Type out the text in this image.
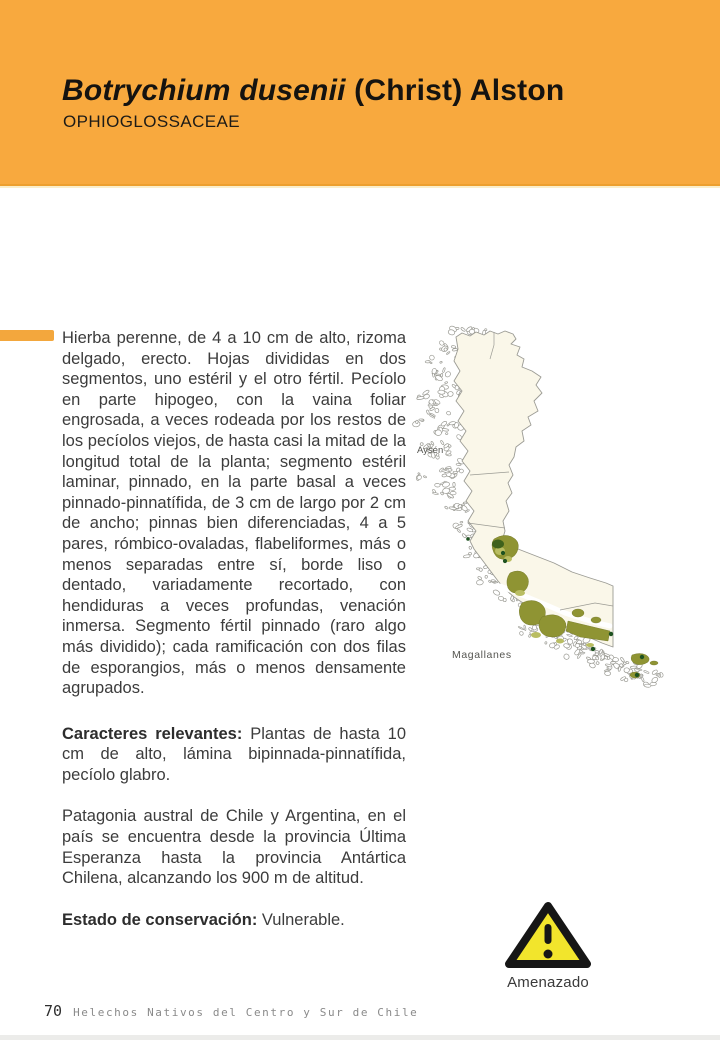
Botrychium dusenii (Christ) Alston
OPHIOGLOSSACEAE

Hierba perenne, de 4 a 10 cm de alto, rizoma delgado, erecto. Hojas divididas en dos segmentos, uno estéril y el otro fértil. Pecíolo en parte hipogeo, con la vaina foliar engrosada, a veces rodeada por los restos de los pecíolos viejos, de hasta casi la mitad de la longitud total de la planta; segmento estéril laminar, pinnado, en la parte basal a veces pinnado-pinnatífida, de 3 cm de largo por 2 cm de ancho; pinnas bien diferenciadas, 4 a 5 pares, rómbico-ovaladas, flabeliformes, más o menos separadas entre sí, borde liso o dentado, variadamente recortado, con hendiduras a veces profundas, venación inmersa. Segmento fértil pinnado (raro algo más dividido); cada ramificación con dos filas de esporangios, más o menos densamente agrupados.

Caracteres relevantes: Plantas de hasta 10 cm de alto, lámina bipinnada-pinnatífida, pecíolo glabro.

Patagonia austral de Chile y Argentina, en el país se encuentra desde la provincia Última Esperanza hasta la provincia Antártica Chilena, alcanzando los 900 m de altitud.

Estado de conservación: Vulnerable.

Aysén
Magallanes
Amenazado
70 Helechos Nativos del Centro y Sur de Chile
